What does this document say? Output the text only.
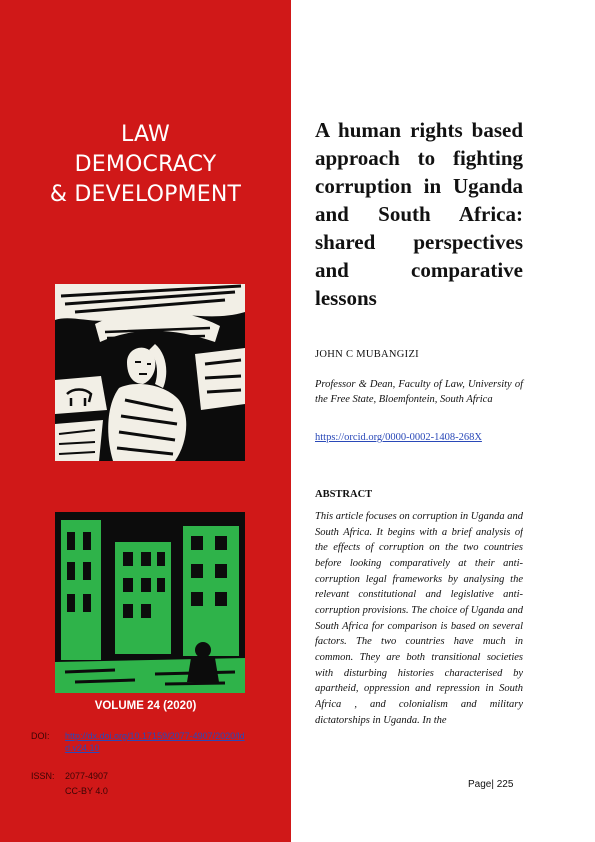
LAW
DEMOCRACY
& DEVELOPMENT
VOLUME 24 (2020)
DOI: http://dx.doi.org/10.17159/2077-4907/2020/ldd.v24.10
ISSN: 2077-4907
CC-BY 4.0
A human rights based approach to fighting corruption in Uganda and South Africa: shared perspectives and comparative lessons
JOHN C MUBANGIZI
Professor & Dean, Faculty of Law, University of the Free State, Bloemfontein, South Africa
https://orcid.org/0000-0002-1408-268X
ABSTRACT
This article focuses on corruption in Uganda and South Africa. It begins with a brief analysis of the effects of corruption on the two countries before looking comparatively at their anti-corruption legal frameworks by analysing the relevant constitutional and legislative anti-corruption provisions. The choice of Uganda and South Africa for comparison is based on several factors. The two countries have much in common. They are both transitional societies with disturbing histories characterised by apartheid, oppression and repression in South Africa , and colonialism and military dictatorships in Uganda. In the
Page| 225
